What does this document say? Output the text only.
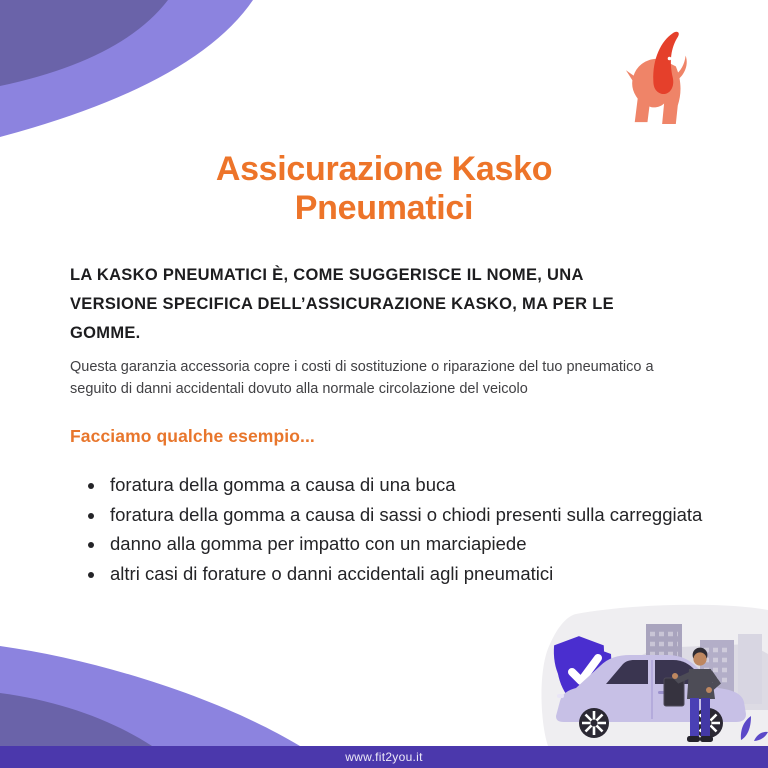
Assicurazione Kasko
Pneumatici
LA KASKO PNEUMATICI È, COME SUGGERISCE IL NOME, UNA
VERSIONE SPECIFICA DELL’ASSICURAZIONE KASKO, MA PER LE
GOMME.
Questa garanzia accessoria copre i costi di sostituzione o riparazione del tuo pneumatico a
seguito di danni accidentali dovuto alla normale circolazione del veicolo
Facciamo qualche esempio...
• foratura della gomma a causa di una buca
• foratura della gomma a causa di sassi o chiodi presenti sulla carreggiata
• danno alla gomma per impatto con un marciapiede
• altri casi di forature o danni accidentali agli pneumatici
www.fit2you.it
